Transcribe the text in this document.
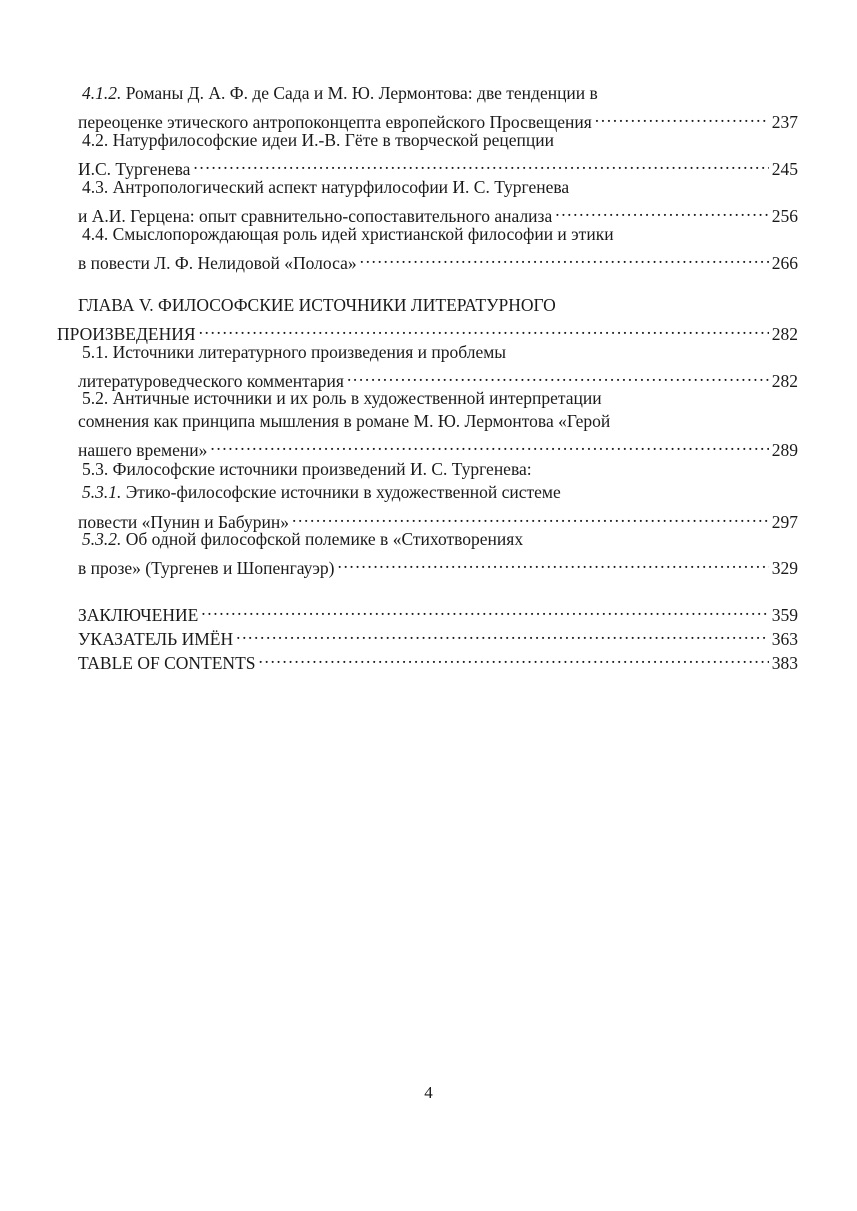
4.1.2. Романы Д. А. Ф. де Сада и М. Ю. Лермонтова: две тенденции в
переоценке этического антропоконцепта европейского Просвещения .....	237
4.2. Натурфилософские идеи И.-В. Гёте в творческой рецепции
И.С. Тургенева .....	245
4.3. Антропологический аспект натурфилософии И. С. Тургенева
и А.И. Герцена: опыт сравнительно-сопоставительного анализа .....	256
4.4. Смыслопорождающая роль идей христианской философии и этики
в повести Л. Ф. Нелидовой «Полоса» .....	266
ГЛАВА V. ФИЛОСОФСКИЕ ИСТОЧНИКИ ЛИТЕРАТУРНОГО
ПРОИЗВЕДЕНИЯ .....	282
5.1. Источники литературного произведения и проблемы
литературоведческого комментария .....	282
5.2. Античные источники и их роль в художественной интерпретации
сомнения как принципа мышления в романе М. Ю. Лермонтова «Герой
нашего времени» .....	289
5.3. Философские источники произведений И. С. Тургенева:
5.3.1. Этико-философские источники в художественной системе
повести «Пунин и Бабурин» .....	297
5.3.2. Об одной философской полемике в «Стихотворениях
в прозе» (Тургенев и Шопенгауэр) .....	329
ЗАКЛЮЧЕНИЕ .....	359
УКАЗАТЕЛЬ ИМЁН .....	363
TABLE OF CONTENTS .....	383
4
